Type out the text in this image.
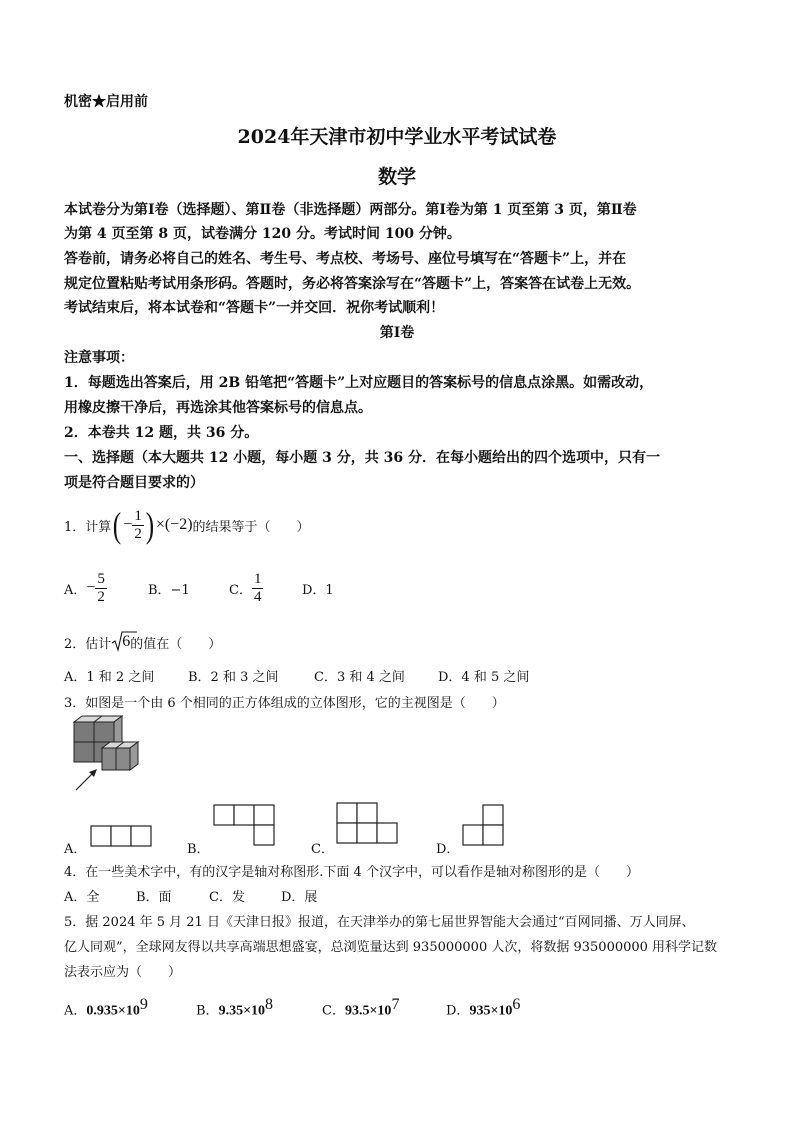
机密★启用前
2024年天津市初中学业水平考试试卷
数学
本试卷分为第Ⅰ卷（选择题）、第Ⅱ卷（非选择题）两部分。第Ⅰ卷为第 1 页至第 3 页，第Ⅱ卷
为第 4 页至第 8 页，试卷满分 120 分。考试时间 100 分钟。
答卷前，请务必将自己的姓名、考生号、考点校、考场号、座位号填写在“答题卡”上，并在
规定位置粘贴考试用条形码。答题时，务必将答案涂写在“答题卡”上，答案答在试卷上无效。
考试结束后，将本试卷和“答题卡”一并交回．祝你考试顺利！
第Ⅰ卷
注意事项：
1．每题选出答案后，用 2B 铅笔把“答题卡”上对应题目的答案标号的信息点涂黑。如需改动，
用橡皮擦干净后，再选涂其他答案标号的信息点。
2．本卷共 12 题，共 36 分。
一、选择题（本大题共 12 小题，每小题 3 分，共 36 分．在每小题给出的四个选项中，只有一
项是符合题目要求的）
1．计算 ( − $\frac{1}{2}$ ) × (−2) 的结果等于（　　）
A． − $\frac{5}{2}$	B．−1	C． $\frac{1}{4}$	D．1
2．估计 6 的值在（　　）
A．1 和 2 之间	B．2 和 3 之间	C．3 和 4 之间	D．4 和 5 之间
3．如图是一个由 6 个相同的正方体组成的立体图形，它的主视图是（　　）
A．	B．	C．	D．
4．在一些美术字中，有的汉字是轴对称图形.下面 4 个汉字中，可以看作是轴对称图形的是（　　）
A．全	B．面	C．发	D．展
5．据 2024 年 5 月 21 日《天津日报》报道，在天津举办的第七届世界智能大会通过“百网同播、万人同屏、
亿人同观”，全球网友得以共享高端思想盛宴，总浏览量达到 935000000 人次，将数据 935000000 用科学记数
法表示应为（　　）
A．$0.935\times 10^9$	B．$9.35\times 10^8$	C．$93.5\times 10^7$	D．$935\times 10^6$
